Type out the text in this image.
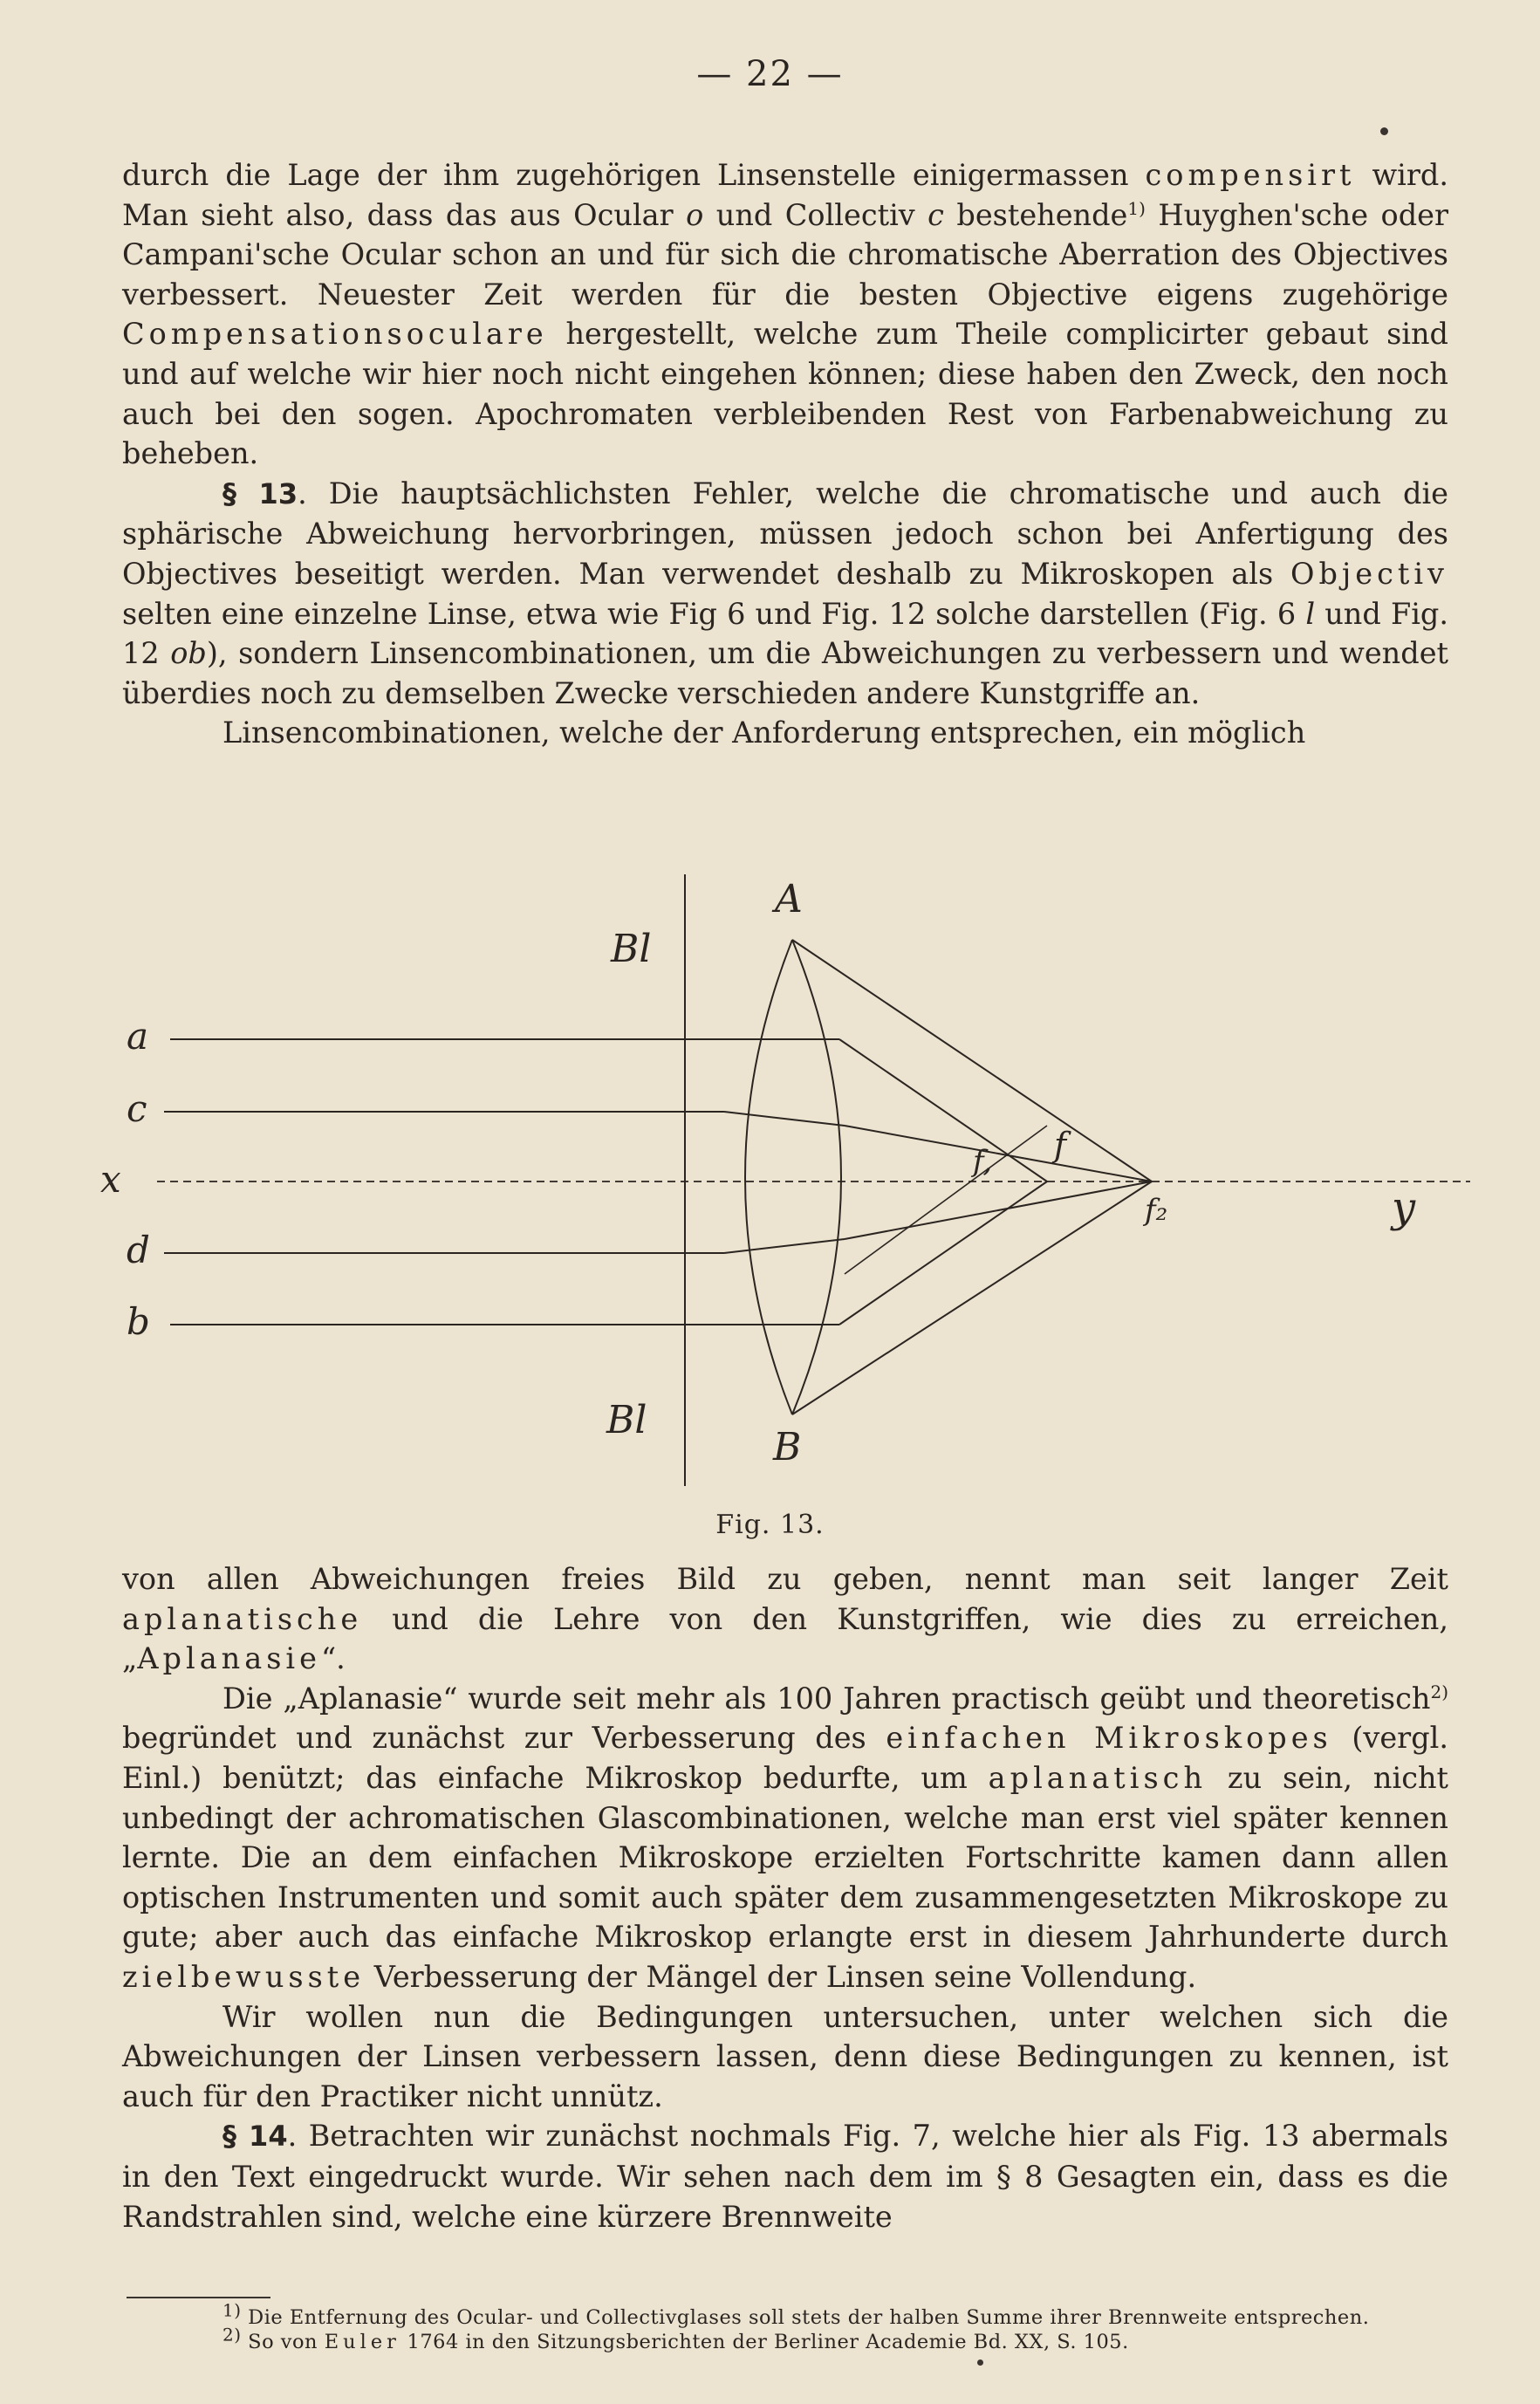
— 22 —

durch die Lage der ihm zugehörigen Linsenstelle einigermassen compensirt wird. Man sieht also, dass das aus Ocular o und Collectiv c bestehende$^{1)}$ Huyghen'sche oder Campani'sche Ocular schon an und für sich die chromatische Aberration des Objectives verbessert. Neuester Zeit werden für die besten Objective eigens zugehörige Compensationsoculare hergestellt, welche zum Theile complicirter gebaut sind und auf welche wir hier noch nicht eingehen können; diese haben den Zweck, den noch auch bei den sogen. Apochromaten verbleibenden Rest von Farbenabweichung zu beheben.

§ 13. Die hauptsächlichsten Fehler, welche die chromatische und auch die sphärische Abweichung hervorbringen, müssen jedoch schon bei Anfertigung des Objectives beseitigt werden. Man verwendet deshalb zu Mikroskopen als Objectiv selten eine einzelne Linse, etwa wie Fig 6 und Fig. 12 solche darstellen (Fig. 6 l und Fig. 12 ob), sondern Linsencombinationen, um die Abweichungen zu verbessern und wendet überdies noch zu demselben Zwecke verschieden andere Kunstgriffe an.

Linsencombinationen, welche der Anforderung entsprechen, ein möglich

A
B
Bl
Bl
a
c
x
d
b
f, f
f₂	y
Fig. 13.

von allen Abweichungen freies Bild zu geben, nennt man seit langer Zeit aplanatische und die Lehre von den Kunstgriffen, wie dies zu erreichen, „Aplanasie“.

Die „Aplanasie“ wurde seit mehr als 100 Jahren practisch geübt und theoretisch$^{2)}$ begründet und zunächst zur Verbesserung des einfachen Mikroskopes (vergl. Einl.) benützt; das einfache Mikroskop bedurfte, um aplanatisch zu sein, nicht unbedingt der achromatischen Glascombinationen, welche man erst viel später kennen lernte. Die an dem einfachen Mikroskope erzielten Fortschritte kamen dann allen optischen Instrumenten und somit auch später dem zusammengesetzten Mikroskope zu gute; aber auch das einfache Mikroskop erlangte erst in diesem Jahrhunderte durch zielbewusste Verbesserung der Mängel der Linsen seine Vollendung.

Wir wollen nun die Bedingungen untersuchen, unter welchen sich die Abweichungen der Linsen verbessern lassen, denn diese Bedingungen zu kennen, ist auch für den Practiker nicht unnütz.

§ 14. Betrachten wir zunächst nochmals Fig. 7, welche hier als Fig. 13 abermals in den Text eingedruckt wurde. Wir sehen nach dem im § 8 Gesagten ein, dass es die Randstrahlen sind, welche eine kürzere Brennweite

$^{1)}$ Die Entfernung des Ocular- und Collectivglases soll stets der halben Summe ihrer Brennweite entsprechen.

$^{2)}$ So von Euler 1764 in den Sitzungsberichten der Berliner Academie Bd. XX, S. 105.
